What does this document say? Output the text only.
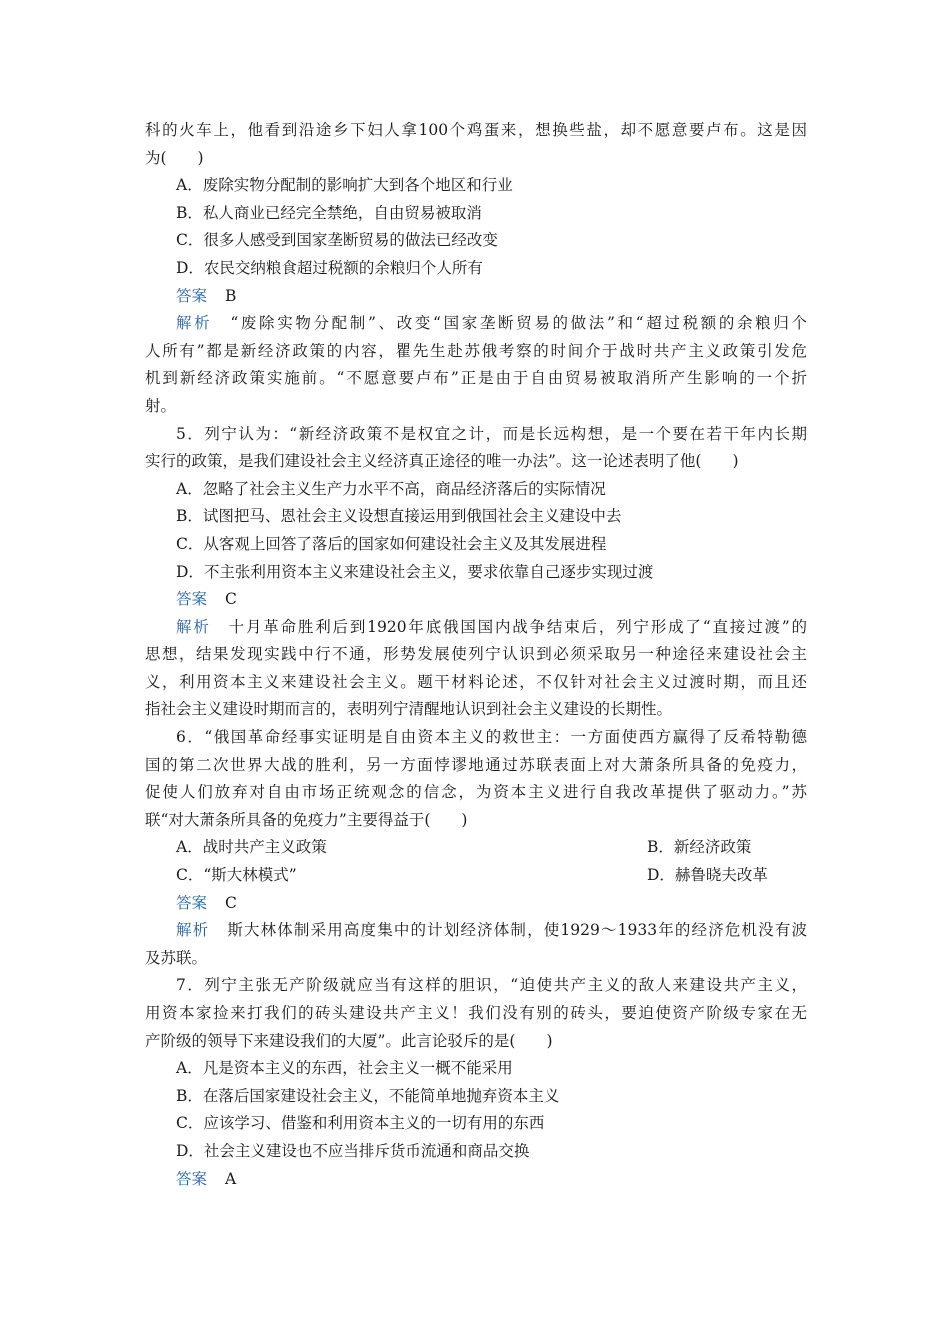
科的火车上，他看到沿途乡下妇人拿100个鸡蛋来，想换些盐，却不愿意要卢布。这是因
为(　　)
A．废除实物分配制的影响扩大到各个地区和行业
B．私人商业已经完全禁绝，自由贸易被取消
C．很多人感受到国家垄断贸易的做法已经改变
D．农民交纳粮食超过税额的余粮归个人所有
答案 B
解析 “废除实物分配制”、改变“国家垄断贸易的做法”和“超过税额的余粮归个
人所有”都是新经济政策的内容，瞿先生赴苏俄考察的时间介于战时共产主义政策引发危
机到新经济政策实施前。“不愿意要卢布”正是由于自由贸易被取消所产生影响的一个折
射。
5．列宁认为：“新经济政策不是权宜之计，而是长远构想，是一个要在若干年内长期
实行的政策，是我们建设社会主义经济真正途径的唯一办法”。这一论述表明了他(　　)
A．忽略了社会主义生产力水平不高，商品经济落后的实际情况
B．试图把马、恩社会主义设想直接运用到俄国社会主义建设中去
C．从客观上回答了落后的国家如何建设社会主义及其发展进程
D．不主张利用资本主义来建设社会主义，要求依靠自己逐步实现过渡
答案 C
解析 十月革命胜利后到1920年底俄国国内战争结束后，列宁形成了“直接过渡”的
思想，结果发现实践中行不通，形势发展使列宁认识到必须采取另一种途径来建设社会主
义，利用资本主义来建设社会主义。题干材料论述，不仅针对社会主义过渡时期，而且还
指社会主义建设时期而言的，表明列宁清醒地认识到社会主义建设的长期性。
6．“俄国革命经事实证明是自由资本主义的救世主：一方面使西方赢得了反希特勒德
国的第二次世界大战的胜利，另一方面悖谬地通过苏联表面上对大萧条所具备的免疫力，
促使人们放弃对自由市场正统观念的信念，为资本主义进行自我改革提供了驱动力。”苏
联“对大萧条所具备的免疫力”主要得益于(　　)
A．战时共产主义政策	B．新经济政策
C．“斯大林模式”	D．赫鲁晓夫改革
答案 C
解析 斯大林体制采用高度集中的计划经济体制，使1929～1933年的经济危机没有波
及苏联。
7．列宁主张无产阶级就应当有这样的胆识，“迫使共产主义的敌人来建设共产主义，
用资本家捡来打我们的砖头建设共产主义！我们没有别的砖头，要迫使资产阶级专家在无
产阶级的领导下来建设我们的大厦”。此言论驳斥的是(　　)
A．凡是资本主义的东西，社会主义一概不能采用
B．在落后国家建设社会主义，不能简单地抛弃资本主义
C．应该学习、借鉴和利用资本主义的一切有用的东西
D．社会主义建设也不应当排斥货币流通和商品交换
答案 A
